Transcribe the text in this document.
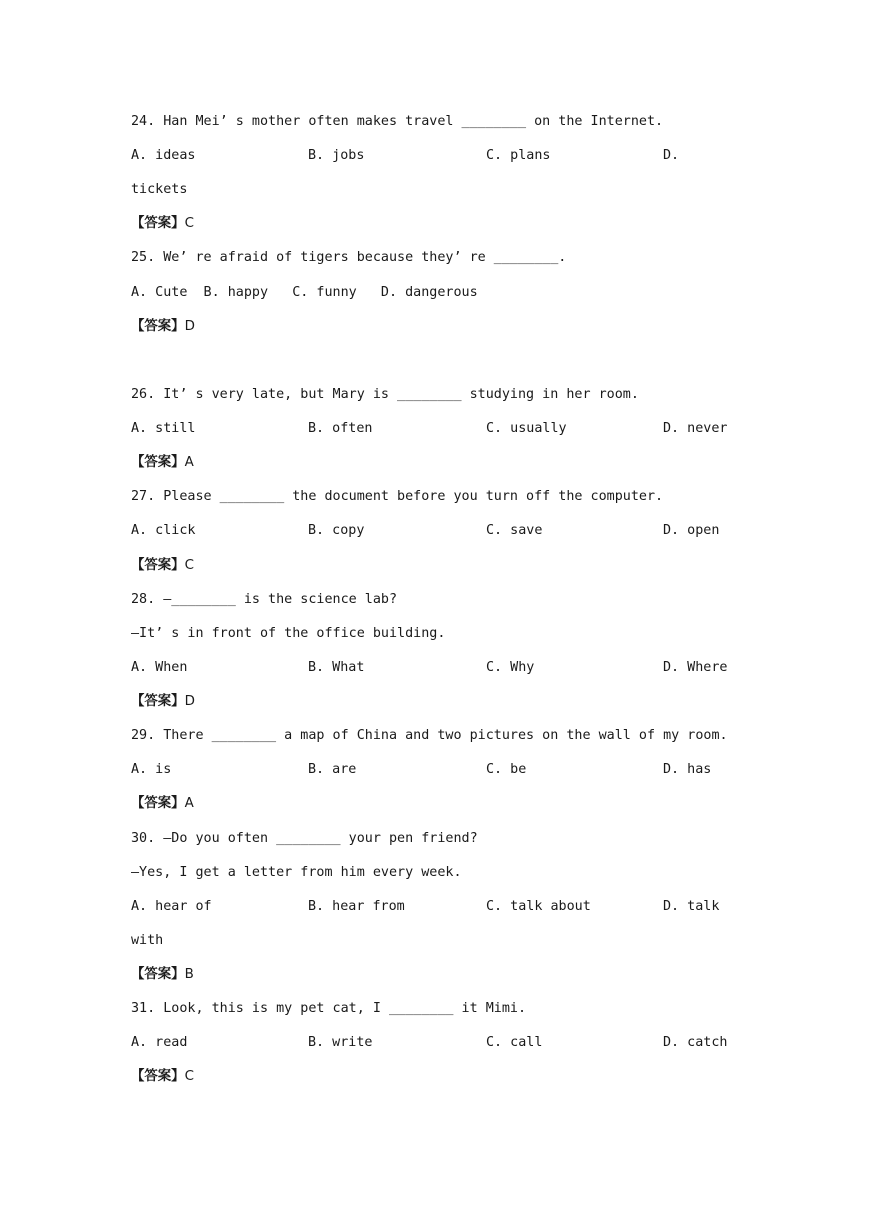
24. Han Mei’ s mother often makes travel ________ on the Internet.
A. ideas	B. jobs	C. plans	D.
tickets
【答案】C
25. We’ re afraid of tigers because they’ re ________.
A. Cute  B. happy   C. funny   D. dangerous
【答案】D
26. It’ s very late, but Mary is ________ studying in her room.
A. still	B. often	C. usually	D. never
【答案】A
27. Please ________ the document before you turn off the computer.
A. click	B. copy	C. save	D. open
【答案】C
28. —________ is the science lab?
—It’ s in front of the office building.
A. When	B. What	C. Why	D. Where
【答案】D
29. There ________ a map of China and two pictures on the wall of my room.
A. is	B. are	C. be	D. has
【答案】A
30. —Do you often ________ your pen friend?
—Yes, I get a letter from him every week.
A. hear of	B. hear from	C. talk about	D. talk
with
【答案】B
31. Look, this is my pet cat, I ________ it Mimi.
A. read	B. write	C. call	D. catch
【答案】C
